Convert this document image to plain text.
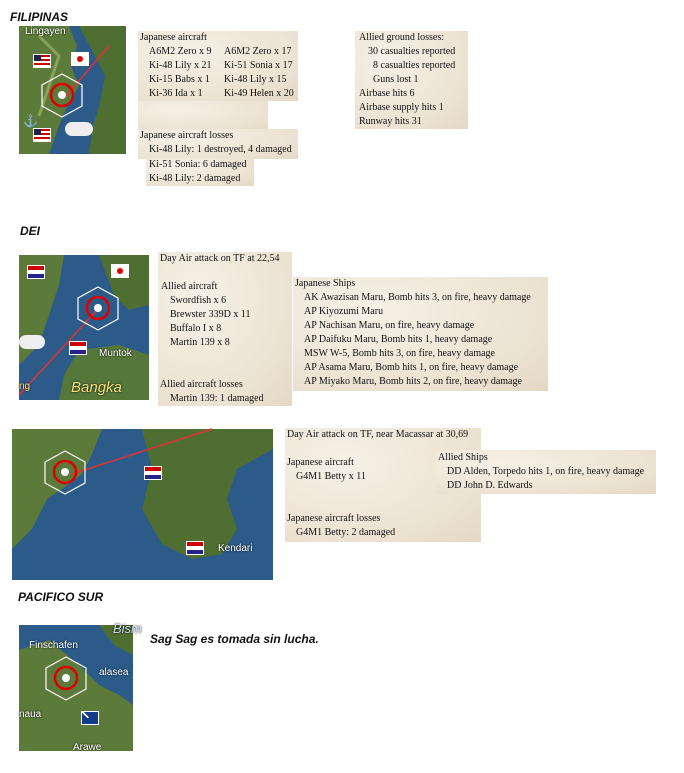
FILIPINAS
Lingayen
⚓
Japanese aircraft
A6M2 Zero x 9
Ki-48 Lily x 21
Ki-15 Babs x 1
Ki-36 Ida x 1
A6M2 Zero x 17
Ki-51 Sonia x 17
Ki-48 Lily x 15
Ki-49 Helen x 20
Japanese aircraft losses
Ki-48 Lily: 1 destroyed, 4 damaged
Ki-51 Sonia: 6 damaged
Ki-48 Lily: 2 damaged
Allied ground losses:
30 casualties reported
8 casualties reported
Guns lost 1
Airbase hits 6
Airbase supply hits 1
Runway hits 31
DEI
Muntok
Bangka
ng
Day Air attack on TF at 22,54
Allied aircraft
Swordfish x 6
Brewster 339D x 11
Buffalo I x 8
Martin 139 x 8
Allied aircraft losses
Martin 139: 1 damaged
Japanese Ships
AK Awazisan Maru, Bomb hits 3, on fire, heavy damage
AP Kiyozumi Maru
AP Nachisan Maru, on fire, heavy damage
AP Daifuku Maru, Bomb hits 1, heavy damage
MSW W-5, Bomb hits 3, on fire, heavy damage
AP Asama Maru, Bomb hits 1, on fire, heavy damage
AP Miyako Maru, Bomb hits 2, on fire, heavy damage
Kendari
Day Air attack on TF, near Macassar at 30,69
Japanese aircraft
G4M1 Betty x 11
Japanese aircraft losses
G4M1 Betty: 2 damaged
Allied Ships
DD Alden, Torpedo hits 1, on fire, heavy damage
DD John D. Edwards
PACIFICO SUR
Bism
Finschafen
alasea
naua
Arawe
Sag Sag es tomada sin lucha.
